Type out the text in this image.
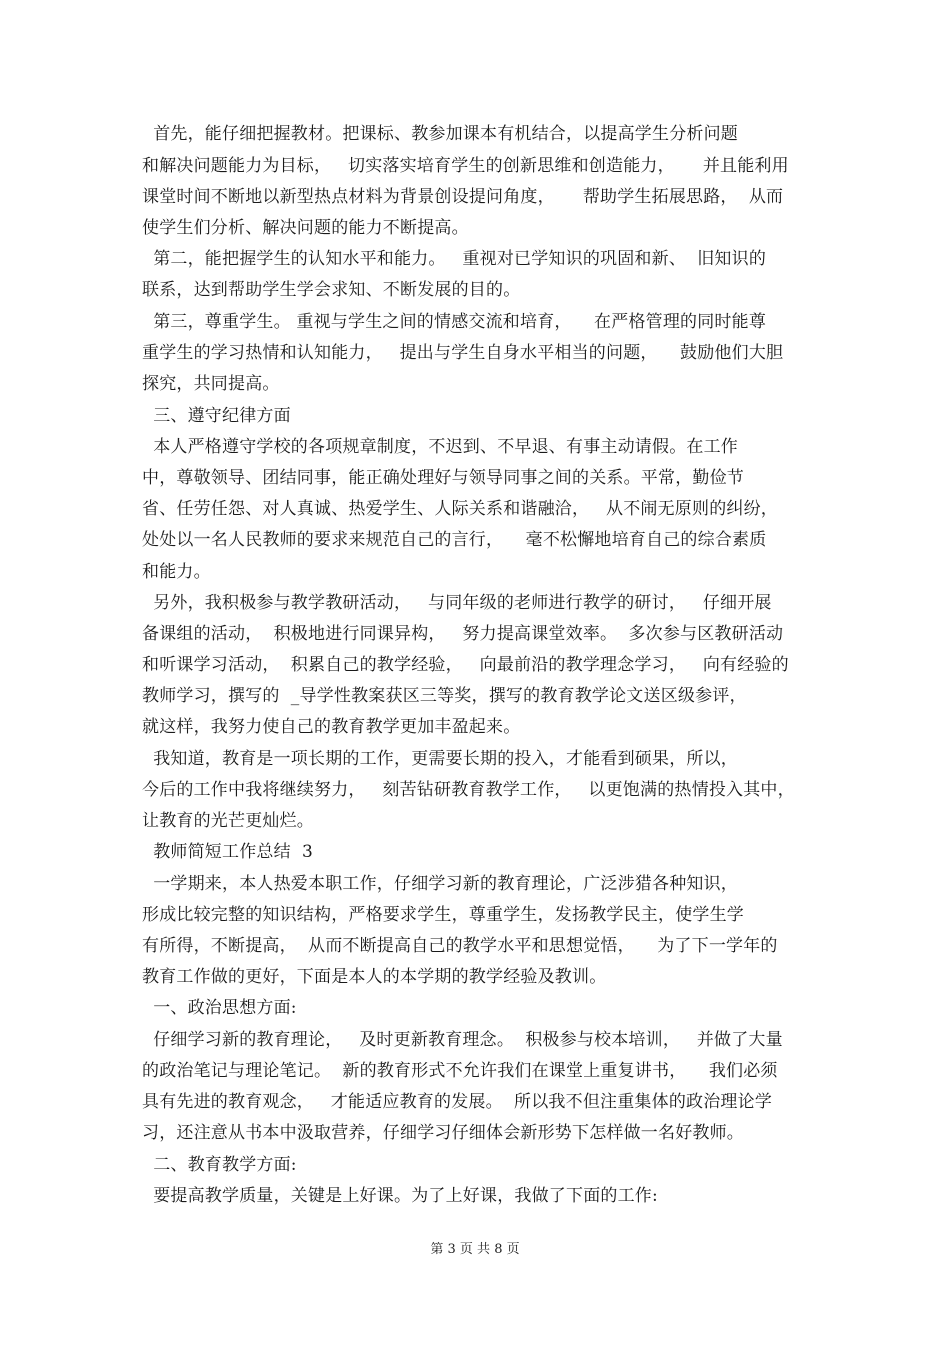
首先，能仔细把握教材。把课标、教参加课本有机结合，以提高学生分析问题
和解决问题能力为目标，   切实落实培育学生的创新思维和创造能力，     并且能利用
课堂时间不断地以新型热点材料为背景创设提问角度，     帮助学生拓展思路，  从而
使学生们分析、解决问题的能力不断提高。
第二，能把握学生的认知水平和能力。   重视对已学知识的巩固和新、  旧知识的
联系，达到帮助学生学会求知、不断发展的目的。
第三，尊重学生。 重视与学生之间的情感交流和培育，    在严格管理的同时能尊
重学生的学习热情和认知能力，   提出与学生自身水平相当的问题，    鼓励他们大胆
探究，共同提高。
三、遵守纪律方面
本人严格遵守学校的各项规章制度，不迟到、不早退、有事主动请假。在工作
中，尊敬领导、团结同事，能正确处理好与领导同事之间的关系。平常，勤俭节
省、任劳任怨、对人真诚、热爱学生、人际关系和谐融洽，   从不闹无原则的纠纷，
处处以一名人民教师的要求来规范自己的言行，    毫不松懈地培育自己的综合素质
和能力。
另外，我积极参与教学教研活动，   与同年级的老师进行教学的研讨，   仔细开展
备课组的活动，  积极地进行同课异构，   努力提高课堂效率。  多次参与区教研活动
和听课学习活动，  积累自己的教学经验，   向最前沿的教学理念学习，   向有经验的
教师学习，撰写的  _导学性教案获区三等奖，撰写的教育教学论文送区级参评，
就这样，我努力使自己的教育教学更加丰盈起来。
我知道，教育是一项长期的工作，更需要长期的投入，才能看到硕果，所以，
今后的工作中我将继续努力，   刻苦钻研教育教学工作，   以更饱满的热情投入其中，
让教育的光芒更灿烂。
教师简短工作总结  3
一学期来，本人热爱本职工作，仔细学习新的教育理论，广泛涉猎各种知识，
形成比较完整的知识结构，严格要求学生，尊重学生，发扬教学民主，使学生学
有所得，不断提高，  从而不断提高自己的教学水平和思想觉悟，    为了下一学年的
教育工作做的更好，下面是本人的本学期的教学经验及教训。
一、政治思想方面:
仔细学习新的教育理论，   及时更新教育理念。  积极参与校本培训，   并做了大量
的政治笔记与理论笔记。  新的教育形式不允许我们在课堂上重复讲书，    我们必须
具有先进的教育观念，   才能适应教育的发展。  所以我不但注重集体的政治理论学
习，还注意从书本中汲取营养，仔细学习仔细体会新形势下怎样做一名好教师。
二、教育教学方面:
要提高教学质量，关键是上好课。为了上好课，我做了下面的工作:
第 3 页 共 8 页
